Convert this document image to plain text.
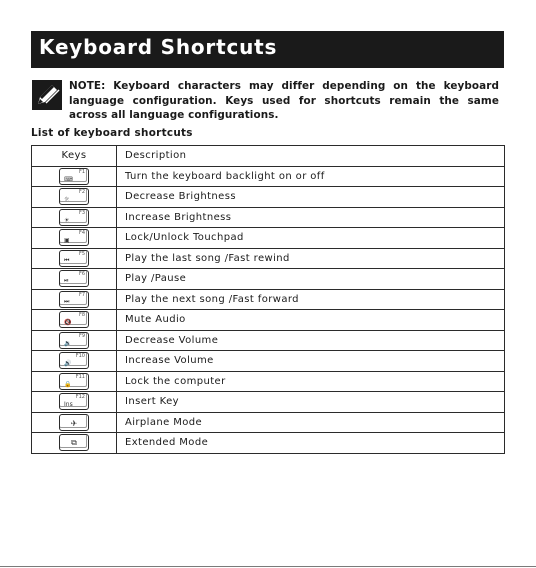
Keyboard Shortcuts
NOTE: Keyboard characters may differ depending on the keyboard language configuration. Keys used for shortcuts remain the same across all language configurations.
List of keyboard shortcuts
Keys	Description

F1
⌨	Turn the keyboard backlight on or off

F2
☼	Decrease Brightness

F3
☀	Increase Brightness

F4
▣	Lock/Unlock Touchpad

F5
⏮	Play the last song /Fast rewind

F6
⏯	Play /Pause

F7
⏭	Play the next song /Fast forward

F8
🔇	Mute Audio

F9
🔉	Decrease Volume

F10
🔊	Increase Volume

F11
🔒	Lock the computer

F12
Ins	Insert Key

✈	Airplane Mode

⧉	Extended Mode
